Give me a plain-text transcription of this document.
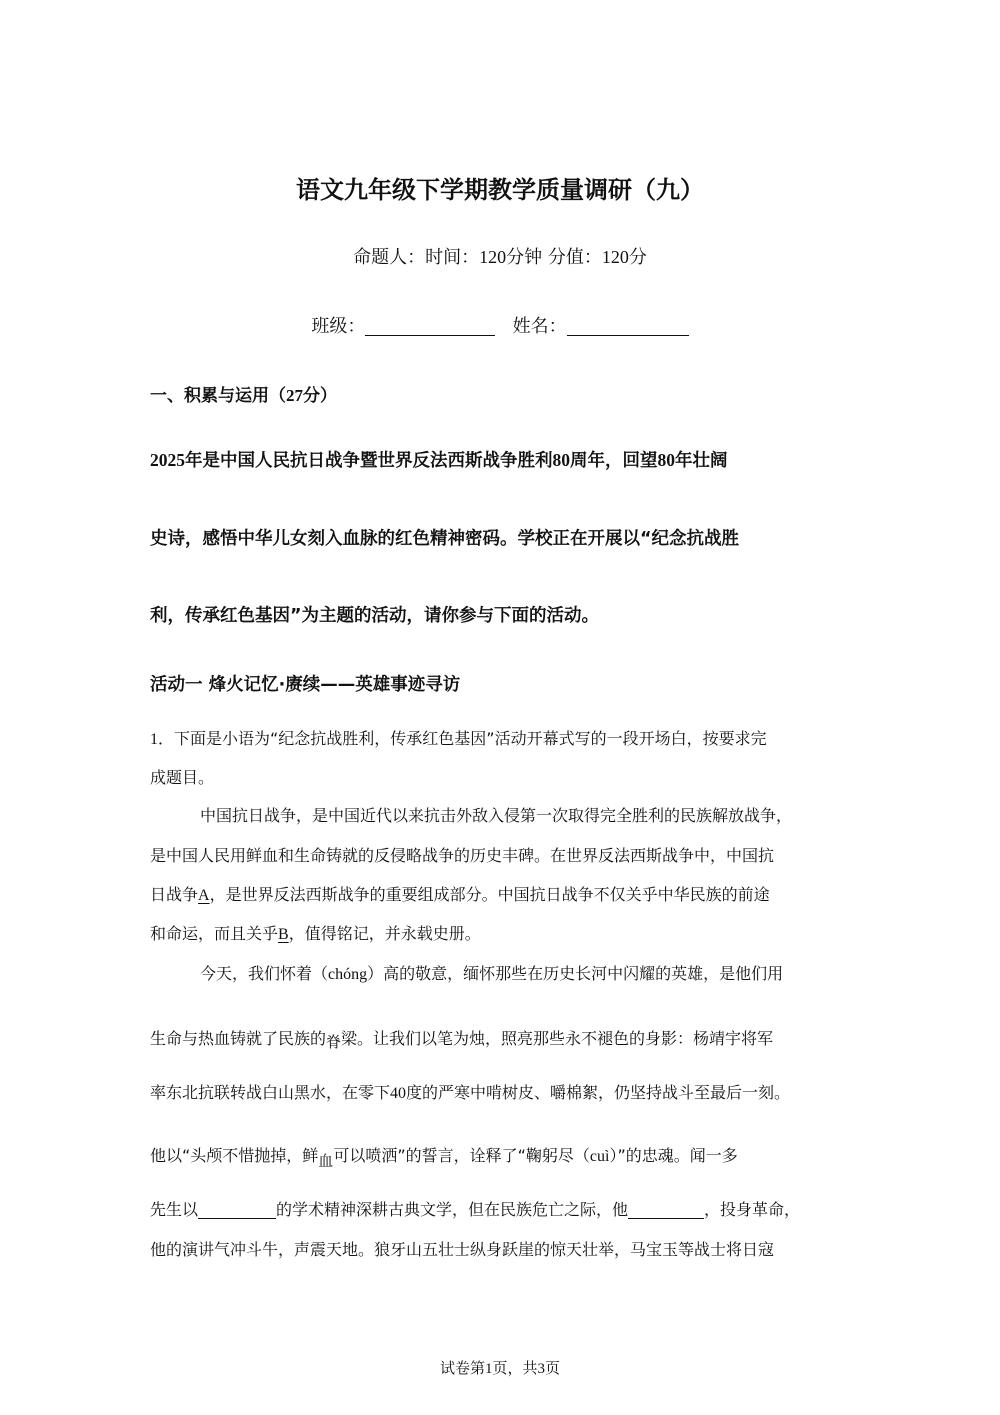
语文九年级下学期教学质量调研（九）
命题人：时间：120分钟 分值：120分
班级：	姓名：
一、积累与运用（27分）
2025年是中国人民抗日战争暨世界反法西斯战争胜利80周年，回望80年壮阔
史诗，感悟中华儿女刻入血脉的红色精神密码。学校正在开展以“纪念抗战胜
利，传承红色基因”为主题的活动，请你参与下面的活动。
活动一 烽火记忆·赓续——英雄事迹寻访
1．下面是小语为“纪念抗战胜利，传承红色基因”活动开幕式写的一段开场白，按要求完
成题目。
中国抗日战争，是中国近代以来抗击外敌入侵第一次取得完全胜利的民族解放战争，
是中国人民用鲜血和生命铸就的反侵略战争的历史丰碑。在世界反法西斯战争中，中国抗
日战争A，是世界反法西斯战争的重要组成部分。中国抗日战争不仅关乎中华民族的前途
和命运，而且关乎B，值得铭记，并永载史册。
今天，我们怀着（chóng）高的敬意，缅怀那些在历史长河中闪耀的英雄，是他们用
生命与热血铸就了民族的脊梁。让我们以笔为烛，照亮那些永不褪色的身影：杨靖宇将军
率东北抗联转战白山黑水，在零下40度的严寒中啃树皮、嚼棉絮，仍坚持战斗至最后一刻。
他以“头颅不惜抛掉，鲜血可以喷洒”的誓言，诠释了“鞠躬尽（cuì）”的忠魂。闻一多
先生以	的学术精神深耕古典文学，但在民族危亡之际，他	，投身革命，
他的演讲气冲斗牛，声震天地。狼牙山五壮士纵身跃崖的惊天壮举，马宝玉等战士将日寇
试卷第1页，共3页
